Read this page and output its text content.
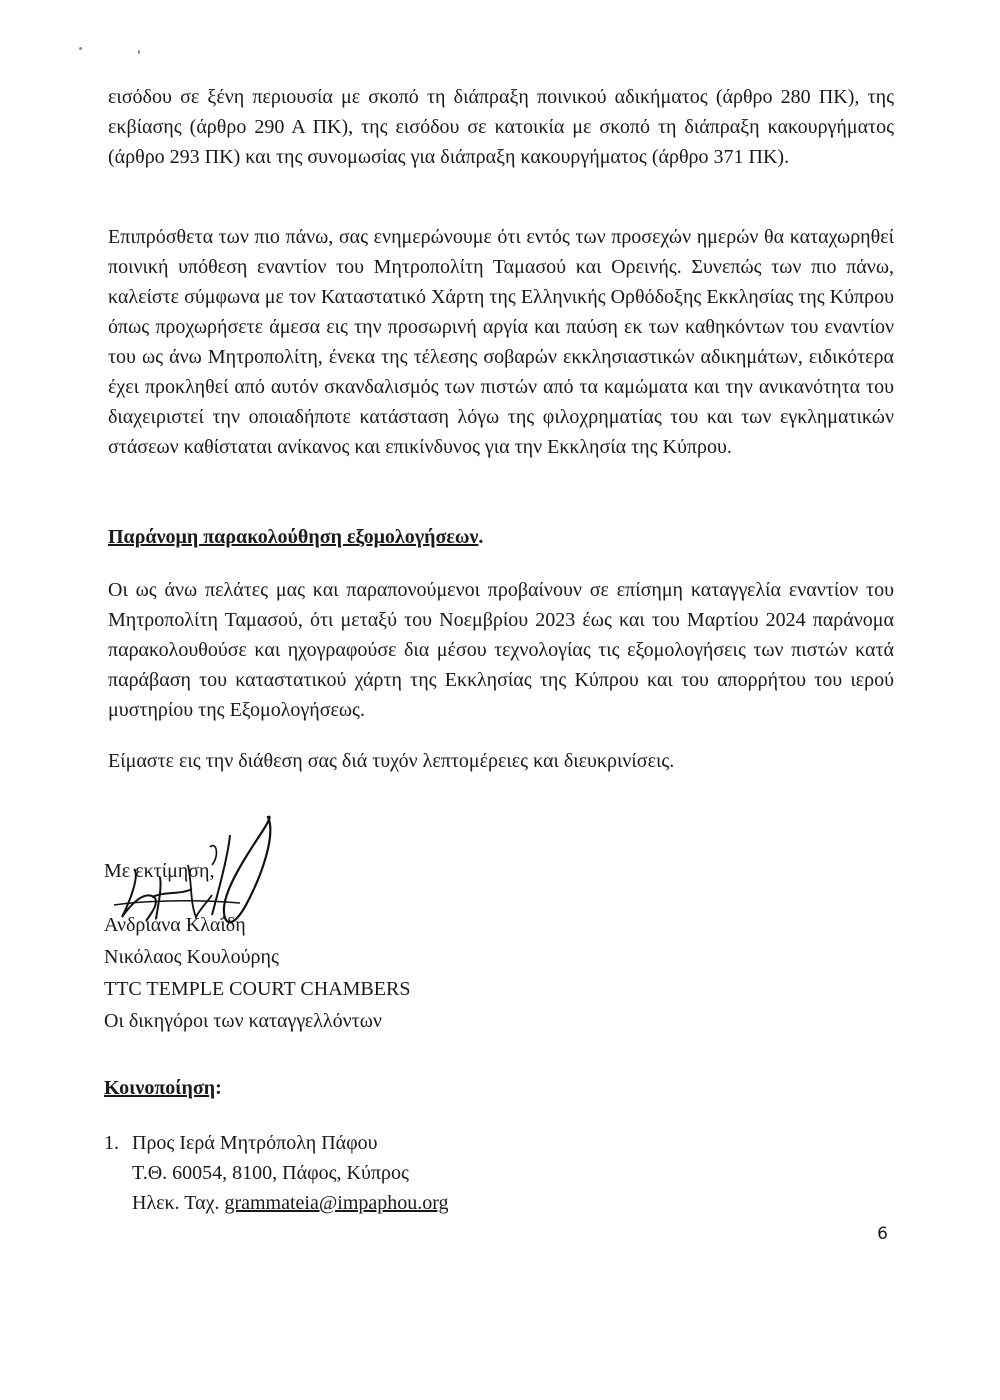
εισόδου σε ξένη περιουσία με σκοπό τη διάπραξη ποινικού αδικήματος (άρθρο 280 ΠΚ), της εκβίασης (άρθρο 290 Α ΠΚ), της εισόδου σε κατοικία με σκοπό τη διάπραξη κακουργήματος (άρθρο 293 ΠΚ) και της συνομωσίας για διάπραξη κακουργήματος (άρθρο 371 ΠΚ).

Επιπρόσθετα των πιο πάνω, σας ενημερώνουμε ότι εντός των προσεχών ημερών θα καταχωρηθεί ποινική υπόθεση εναντίον του Μητροπολίτη Ταμασού και Ορεινής. Συνεπώς των πιο πάνω, καλείστε σύμφωνα με τον Καταστατικό Χάρτη της Ελληνικής Ορθόδοξης Εκκλησίας της Κύπρου όπως προχωρήσετε άμεσα εις την προσωρινή αργία και παύση εκ των καθηκόντων του εναντίον του ως άνω Μητροπολίτη, ένεκα της τέλεσης σοβαρών εκκλησιαστικών αδικημάτων, ειδικότερα έχει προκληθεί από αυτόν σκανδαλισμός των πιστών από τα καμώματα και την ανικανότητα του διαχειριστεί την οποιαδήποτε κατάσταση λόγω της φιλοχρηματίας του και των εγκληματικών στάσεων καθίσταται ανίκανος και επικίνδυνος για την Εκκλησία της Κύπρου.

Παράνομη παρακολούθηση εξομολογήσεων.

Οι ως άνω πελάτες μας και παραπονούμενοι προβαίνουν σε επίσημη καταγγελία εναντίον του Μητροπολίτη Ταμασού, ότι μεταξύ του Νοεμβρίου 2023 έως και του Μαρτίου 2024 παράνομα παρακολουθούσε και ηχογραφούσε δια μέσου τεχνολογίας τις εξομολογήσεις των πιστών κατά παράβαση του καταστατικού χάρτη της Εκκλησίας της Κύπρου και του απορρήτου του ιερού μυστηρίου της Εξομολογήσεως.

Είμαστε εις την διάθεση σας διά τυχόν λεπτομέρειες και διευκρινίσεις.

Με εκτίμηση,
Ανδριάνα Κλαΐδη
Νικόλαος Κουλούρης
TTC TEMPLE COURT CHAMBERS
Οι δικηγόροι των καταγγελλόντων
Κοινοποίηση:
1. Προς Ιερά Μητρόπολη Πάφου
Τ.Θ. 60054, 8100, Πάφος, Κύπρος
Ηλεκ. Ταχ. grammateia@impaphou.org
6
